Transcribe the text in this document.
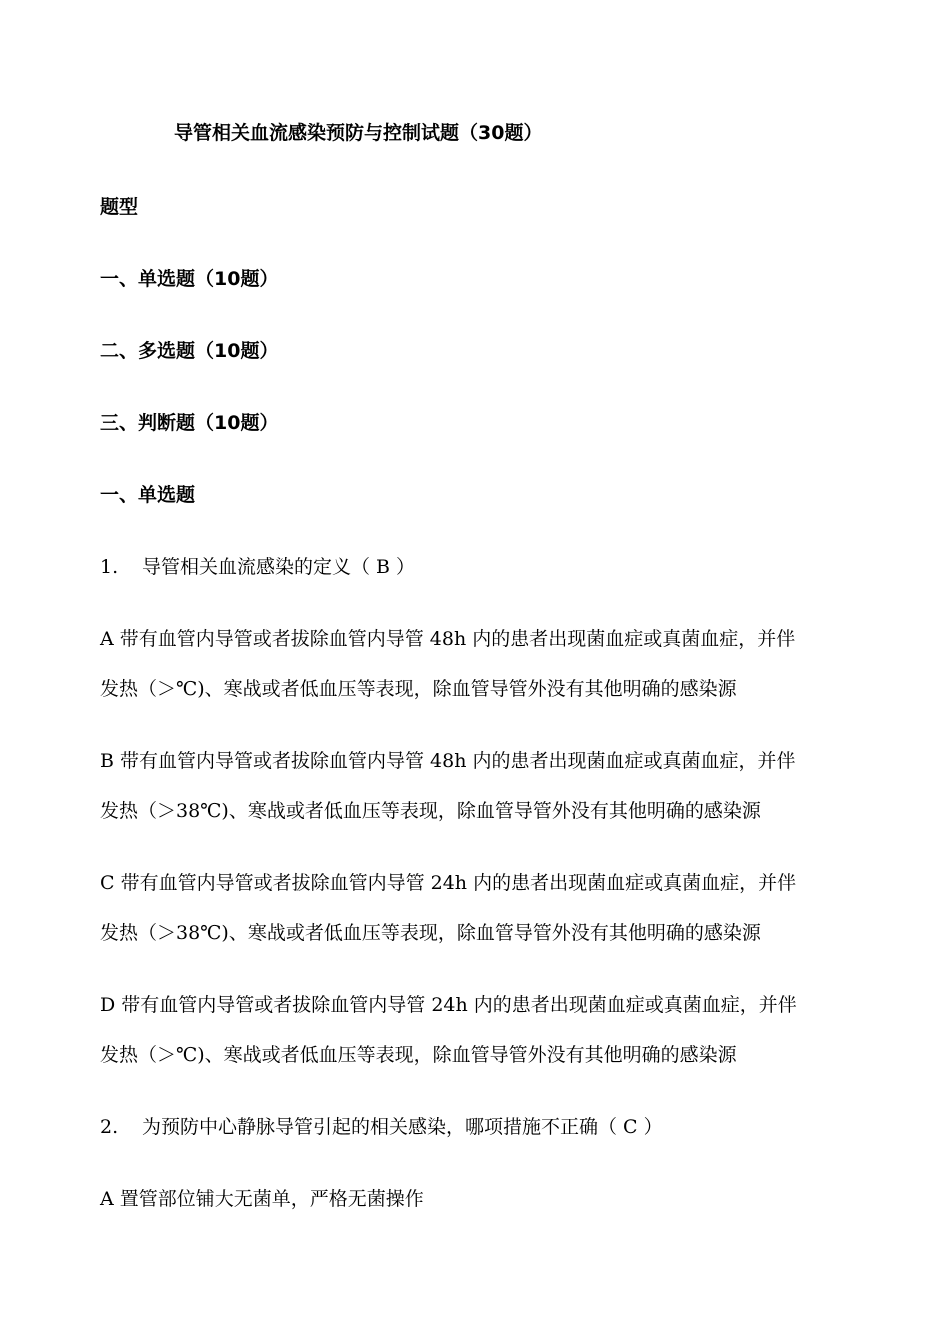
导管相关血流感染预防与控制试题（30题）
题型
一、单选题（10题）
二、多选题（10题）
三、判断题（10题）
一、单选题
1. 导管相关血流感染的定义（ B ）
A 带有血管内导管或者拔除血管内导管 48h 内的患者出现菌血症或真菌血症，并伴
发热（＞℃)、寒战或者低血压等表现，除血管导管外没有其他明确的感染源
B 带有血管内导管或者拔除血管内导管 48h 内的患者出现菌血症或真菌血症，并伴
发热（＞38℃)、寒战或者低血压等表现，除血管导管外没有其他明确的感染源
C 带有血管内导管或者拔除血管内导管 24h 内的患者出现菌血症或真菌血症，并伴
发热（＞38℃)、寒战或者低血压等表现，除血管导管外没有其他明确的感染源
D 带有血管内导管或者拔除血管内导管 24h 内的患者出现菌血症或真菌血症，并伴
发热（＞℃)、寒战或者低血压等表现，除血管导管外没有其他明确的感染源
2. 为预防中心静脉导管引起的相关感染，哪项措施不正确（ C ）
A 置管部位铺大无菌单，严格无菌操作
